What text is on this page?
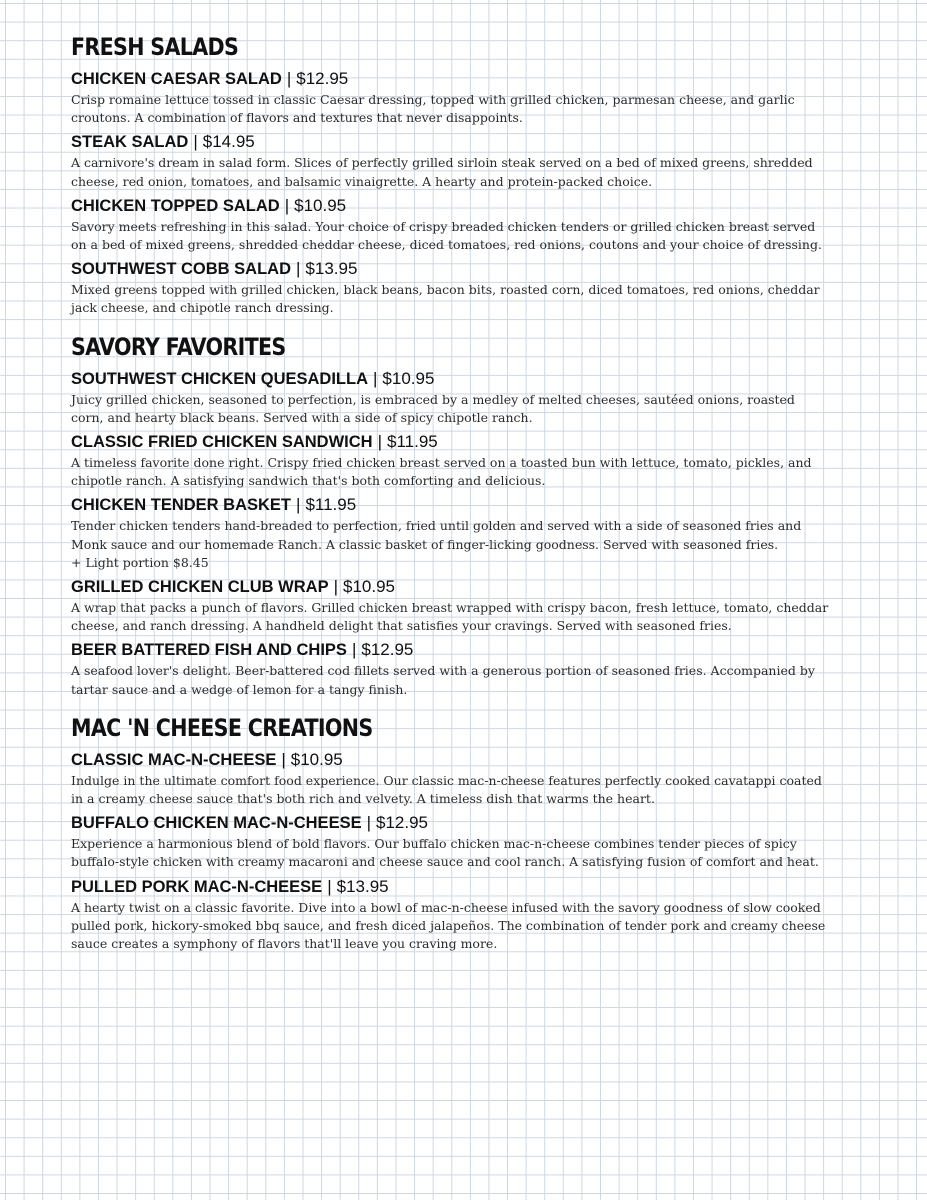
FRESH SALADS
CHICKEN CAESAR SALAD | $12.95

Crisp romaine lettuce tossed in classic Caesar dressing, topped with grilled chicken, parmesan cheese, and garlic croutons. A combination of flavors and textures that never disappoints.

STEAK SALAD | $14.95

A carnivore's dream in salad form. Slices of perfectly grilled sirloin steak served on a bed of mixed greens, shredded cheese, red onion, tomatoes, and balsamic vinaigrette. A hearty and protein-packed choice.

CHICKEN TOPPED SALAD | $10.95

Savory meets refreshing in this salad. Your choice of crispy breaded chicken tenders or grilled chicken breast served on a bed of mixed greens, shredded cheddar cheese, diced tomatoes, red onions, coutons and your choice of dressing.

SOUTHWEST COBB SALAD | $13.95

Mixed greens topped with grilled chicken, black beans, bacon bits, roasted corn, diced tomatoes, red onions, cheddar jack cheese, and chipotle ranch dressing.

SAVORY FAVORITES
SOUTHWEST CHICKEN QUESADILLA | $10.95

Juicy grilled chicken, seasoned to perfection, is embraced by a medley of melted cheeses, sautéed onions, roasted corn, and hearty black beans. Served with a side of spicy chipotle ranch.

CLASSIC FRIED CHICKEN SANDWICH | $11.95

A timeless favorite done right. Crispy fried chicken breast served on a toasted bun with lettuce, tomato, pickles, and chipotle ranch. A satisfying sandwich that's both comforting and delicious.

CHICKEN TENDER BASKET | $11.95

Tender chicken tenders hand-breaded to perfection, fried until golden and served with a side of seasoned fries and Monk sauce and our homemade Ranch. A classic basket of finger-licking goodness. Served with seasoned fries.

+ Light portion $8.45

GRILLED CHICKEN CLUB WRAP | $10.95

A wrap that packs a punch of flavors. Grilled chicken breast wrapped with crispy bacon, fresh lettuce, tomato, cheddar cheese, and ranch dressing. A handheld delight that satisfies your cravings. Served with seasoned fries.

BEER BATTERED FISH AND CHIPS | $12.95

A seafood lover's delight. Beer-battered cod fillets served with a generous portion of seasoned fries. Accompanied by tartar sauce and a wedge of lemon for a tangy finish.

MAC 'N CHEESE CREATIONS
CLASSIC MAC-N-CHEESE | $10.95

Indulge in the ultimate comfort food experience. Our classic mac-n-cheese features perfectly cooked cavatappi coated in a creamy cheese sauce that's both rich and velvety. A timeless dish that warms the heart.

BUFFALO CHICKEN MAC-N-CHEESE | $12.95

Experience a harmonious blend of bold flavors. Our buffalo chicken mac-n-cheese combines tender pieces of spicy buffalo-style chicken with creamy macaroni and cheese sauce and cool ranch. A satisfying fusion of comfort and heat.

PULLED PORK MAC-N-CHEESE | $13.95

A hearty twist on a classic favorite. Dive into a bowl of mac-n-cheese infused with the savory goodness of slow cooked pulled pork, hickory-smoked bbq sauce, and fresh diced jalapeños. The combination of tender pork and creamy cheese sauce creates a symphony of flavors that'll leave you craving more.
